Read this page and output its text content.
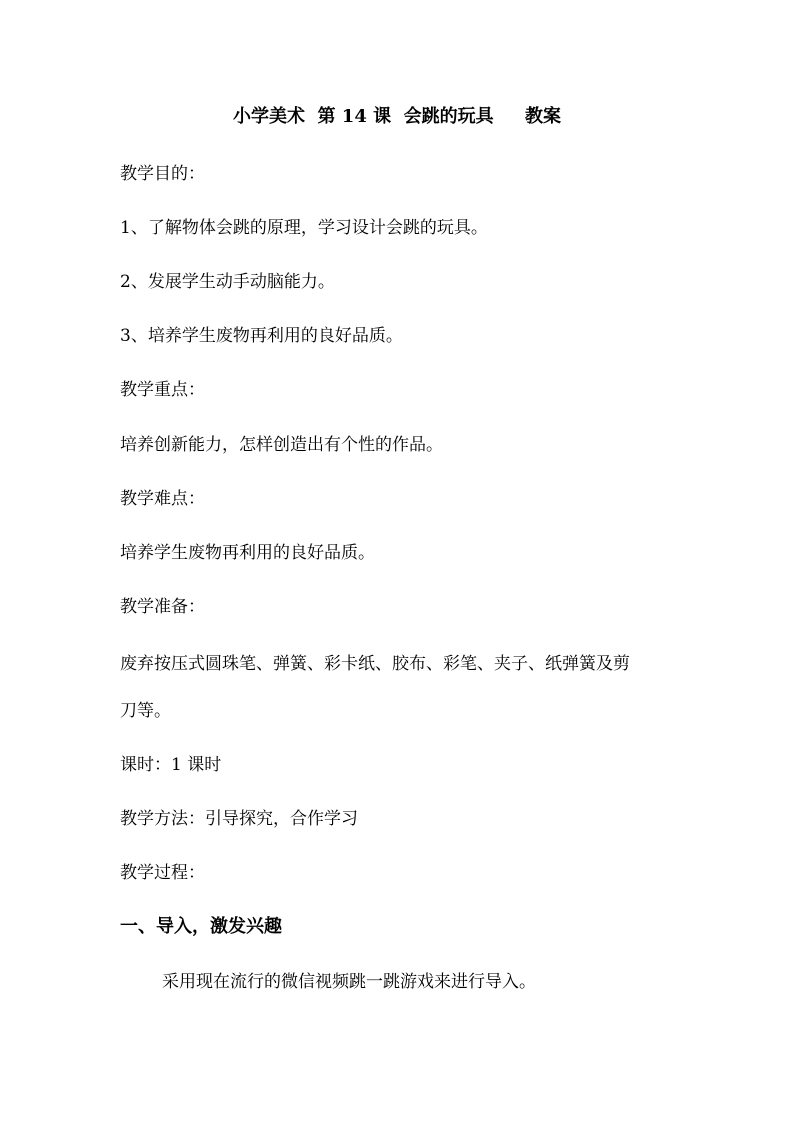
小学美术  第 14 课  会跳的玩具     教案
教学目的：
1、了解物体会跳的原理，学习设计会跳的玩具。
2、发展学生动手动脑能力。
3、培养学生废物再利用的良好品质。
教学重点：
培养创新能力，怎样创造出有个性的作品。
教学难点：
培养学生废物再利用的良好品质。
教学准备：
废弃按压式圆珠笔、弹簧、彩卡纸、胶布、彩笔、夹子、纸弹簧及剪
刀等。
课时：1 课时
教学方法：引导探究，合作学习
教学过程：
一、导入，激发兴趣
采用现在流行的微信视频跳一跳游戏来进行导入。
